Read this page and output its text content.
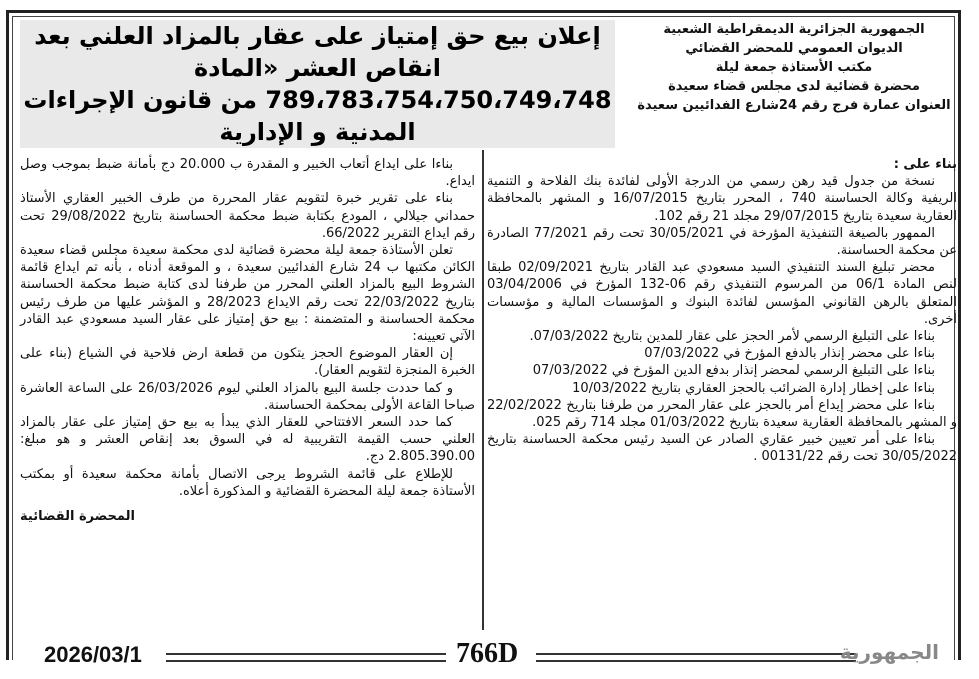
الجمهورية الجزائرية الديمقراطية الشعبية
الديوان العمومي للمحضر القضائي
مكتب الأستاذة جمعة ليلة
محضرة قضائية لدى مجلس قضاء سعيدة
العنوان عمارة فرج رقم 24شارع الفدائيين سعيدة
إعلان بيع حق إمتياز على عقار بالمزاد العلني بعد انقاص العشر «المادة 789،783،754،750،749،748 من قانون الإجراءات المدنية و الإدارية

بناء على :

نسخة من جدول قيد رهن رسمي من الدرجة الأولى لفائدة بنك الفلاحة و التنمية الريفية وكالة الحساسنة 740 ، المحرر بتاريخ 16/07/2015 و المشهر بالمحافظة العقارية سعيدة بتاريخ 29/07/2015 مجلد 21 رقم 102.

الممهور بالصيغة التنفيذية المؤرخة في 30/05/2021 تحت رقم 77/2021 الصادرة عن محكمة الحساسنة.

محضر تبليغ السند التنفيذي السيد مسعودي عبد القادر بتاريخ 02/09/2021 طبقا لنص المادة 06/1 من المرسوم التنفيذي رقم 06-132 المؤرخ في 03/04/2006 المتعلق بالرهن القانوني المؤسس لفائدة البنوك و المؤسسات المالية و مؤسسات أخرى.

بناءا على التبليغ الرسمي لأمر الحجز على عقار للمدين بتاريخ 07/03/2022.

بناءا على محضر إنذار بالدفع المؤرخ في 07/03/2022

بناءا على التبليغ الرسمي لمحضر إنذار بدفع الدين المؤرخ في 07/03/2022

بناءا على إخطار إدارة الضرائب بالحجز العقاري بتاريخ 10/03/2022

بناءا على محضر إيداع أمر بالحجز على عقار المحرر من طرفنا بتاريخ 22/02/2022 و المشهر بالمحافظة العقارية سعيدة بتاريخ 01/03/2022 مجلد 714 رقم 025.

بناءا على أمر تعيين خبير عقاري الصادر عن السيد رئيس محكمة الحساسنة بتاريخ 30/05/2022 تحت رقم 00131/22 .

بناءا على ايداع أتعاب الخبير و المقدرة ب 20.000 دج بأمانة ضبط بموجب وصل ايداع.

بناء على تقرير خبرة لتقويم عقار المحررة من طرف الخبير العقاري الأستاذ حمداني جيلالي ، المودع بكتابة ضبط محكمة الحساسنة بتاريخ 29/08/2022 تحت رقم ايداع التقرير 66/2022.

تعلن الأستاذة جمعة ليلة محضرة قضائية لدى محكمة سعيدة مجلس قضاء سعيدة الكائن مكتبها ب 24 شارع الفدائيين سعيدة ، و الموقعة أدناه ، بأنه تم ايداع قائمة الشروط البيع بالمزاد العلني المحرر من طرفنا لدى كتابة ضبط محكمة الحساسنة بتاريخ 22/03/2022 تحت رقم الايداع 28/2023 و المؤشر عليها من طرف رئيس محكمة الحساسنة و المتضمنة : بيع حق إمتياز على عقار السيد مسعودي عبد القادر الآتي تعيينه:

إن العقار الموضوع الحجز يتكون من قطعة ارض فلاحية في الشياع (بناء على الخبرة المنجزة لتقويم العقار).

و كما حددت جلسة البيع بالمزاد العلني ليوم 26/03/2026 على الساعة العاشرة صباحا القاعة الأولى بمحكمة الحساسنة.

كما حدد السعر الافتتاحي للعقار الذي يبدأ به بيع حق إمتياز على عقار بالمزاد العلني حسب القيمة التقريبية له في السوق بعد إنقاص العشر و هو مبلغ: 2.805.390.00 دج.

للإطلاع على قائمة الشروط يرجى الاتصال بأمانة محكمة سعيدة أو بمكتب الأستاذة جمعة ليلة المحضرة القضائية و المذكورة أعلاه.

المحضرة القضائية

2026/03/1	766D	الجمهورية
